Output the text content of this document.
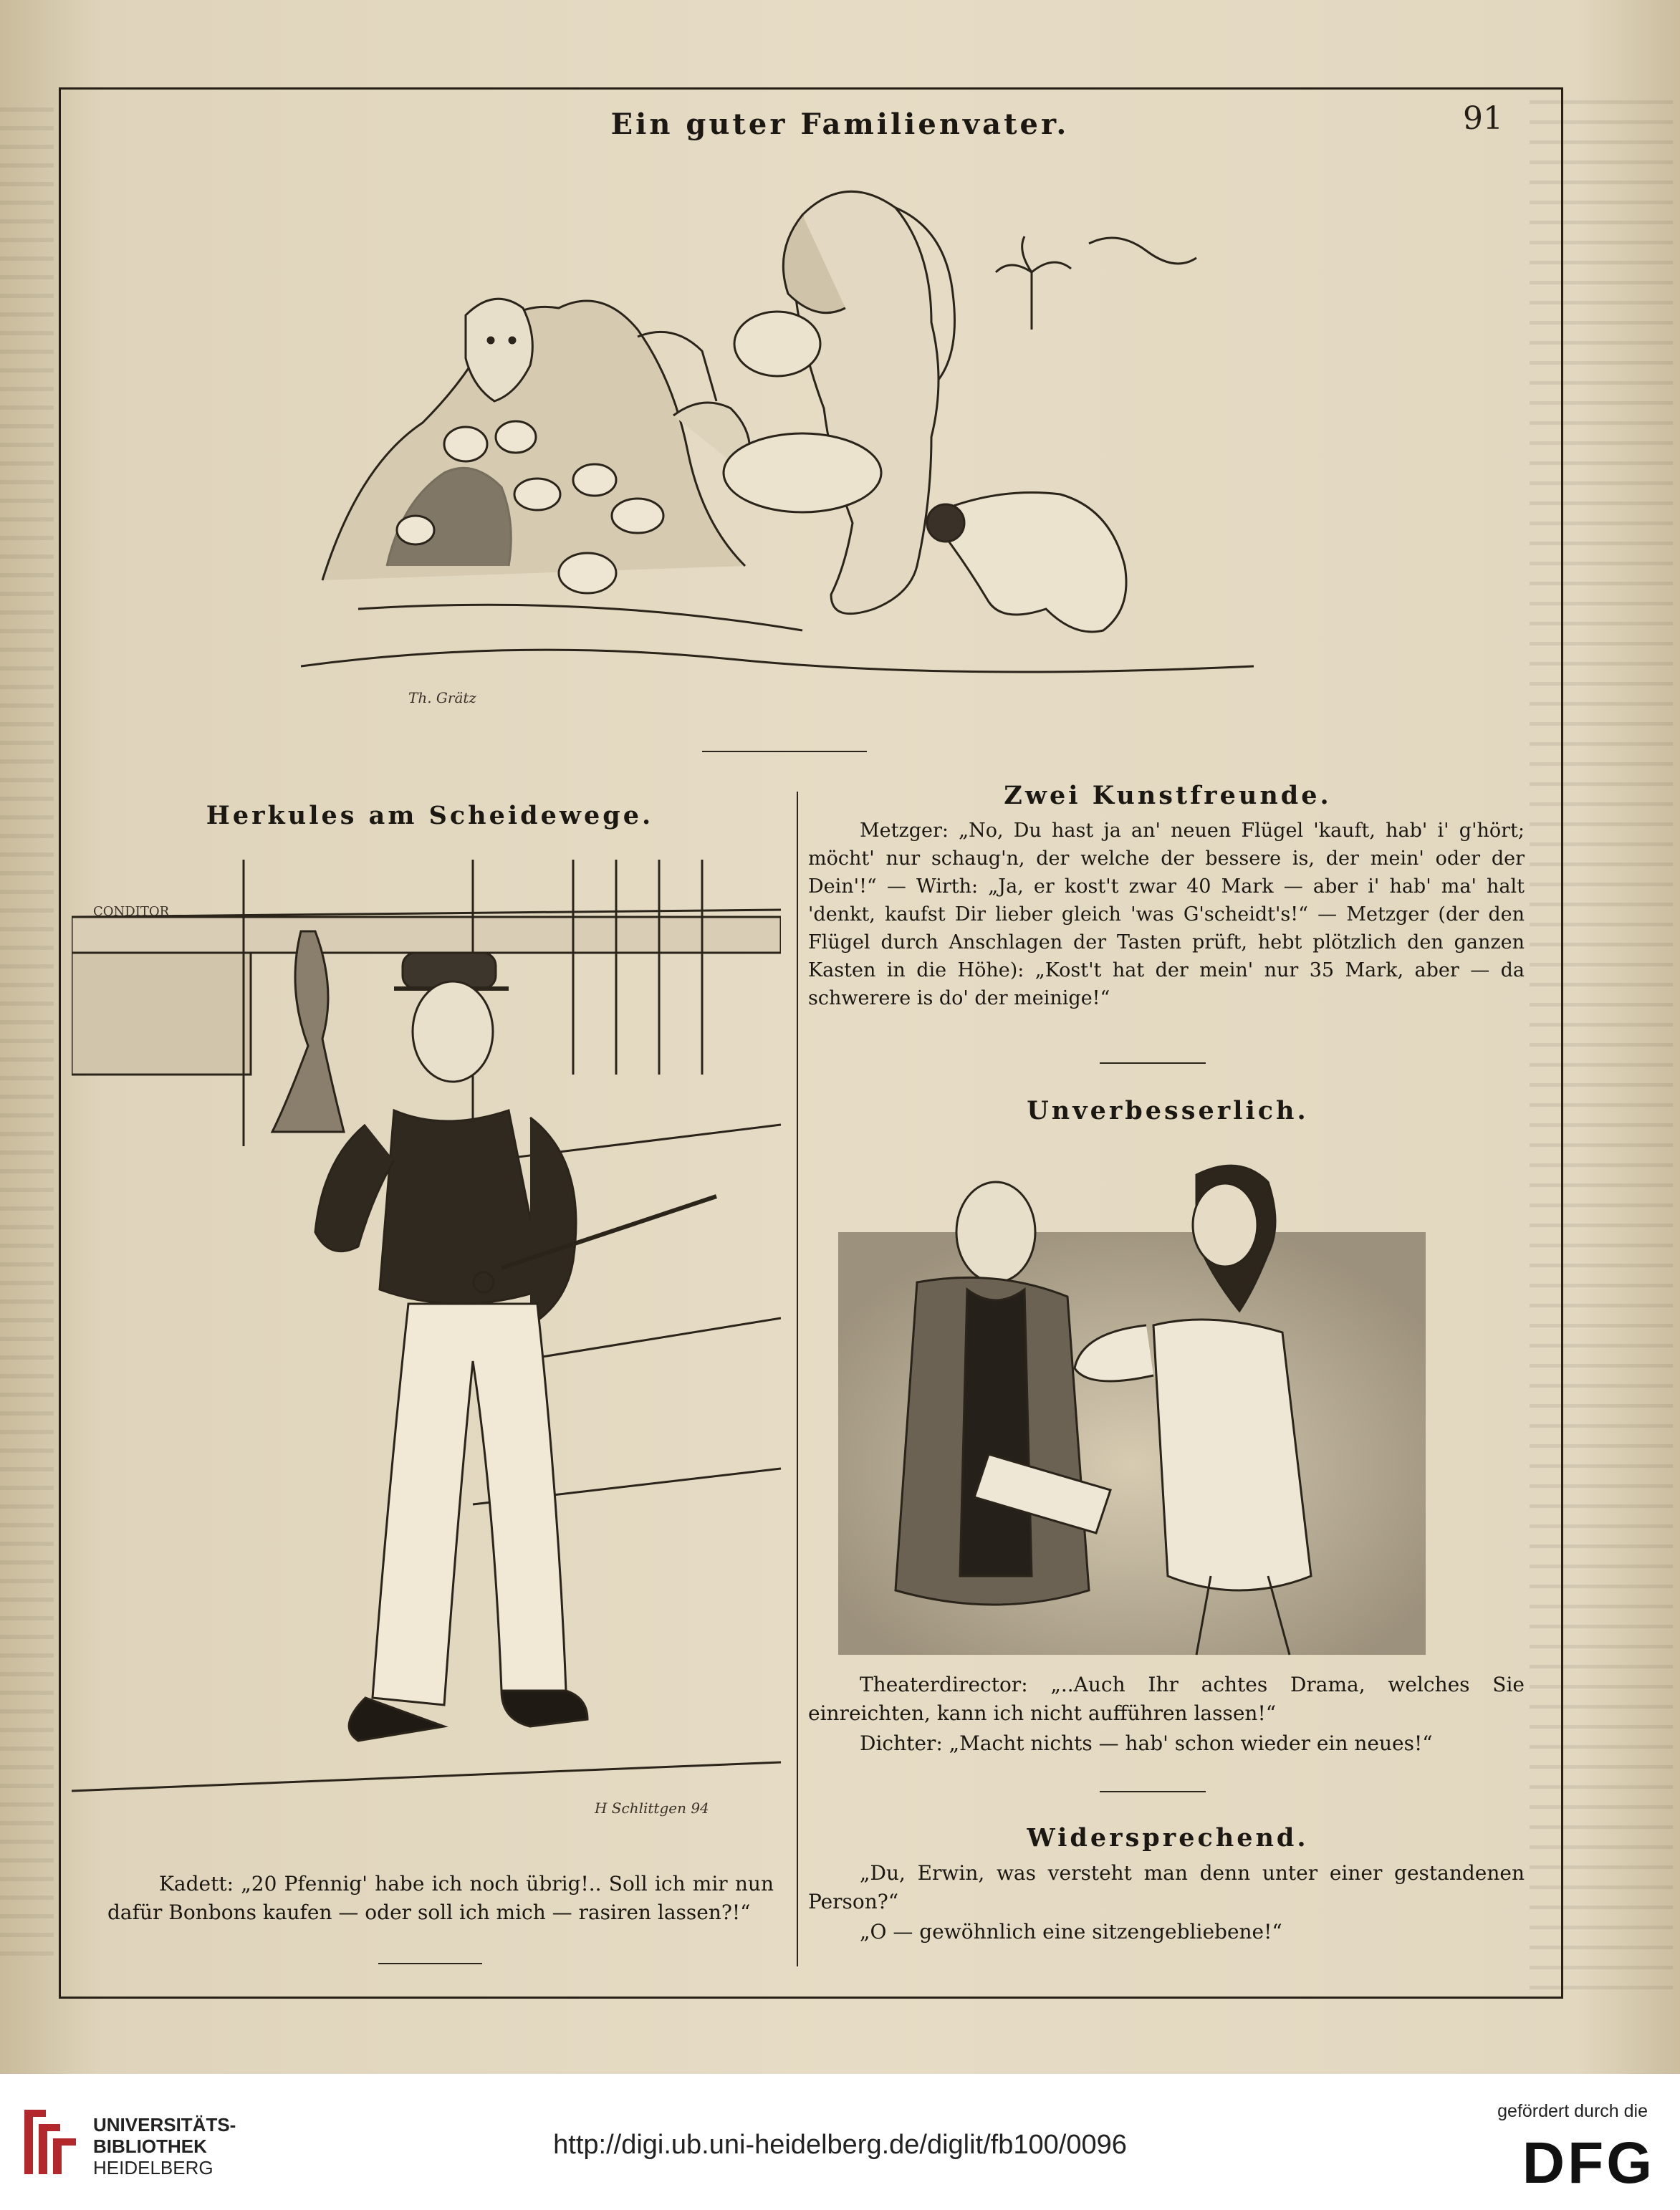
91
Ein guter Familienvater.
Th. Grätz
Herkules am Scheidewege.
CONDITOR
H Schlittgen 94
Kadett: „20 Pfennig' habe ich noch übrig!.. Soll ich mir nun dafür Bonbons kaufen — oder soll ich mich — rasiren lassen?!“
Zwei Kunstfreunde.
Metzger: „No, Du hast ja an' neuen Flügel 'kauft, hab' i' g'hört; möcht' nur schaug'n, der welche der bessere is, der mein' oder der Dein'!“ — Wirth: „Ja, er kost't zwar 40 Mark — aber i' hab' ma' halt 'denkt, kaufst Dir lieber gleich 'was G'scheidt's!“ — Metzger (der den Flügel durch Anschlagen der Tasten prüft, hebt plötzlich den ganzen Kasten in die Höhe): „Kost't hat der mein' nur 35 Mark, aber — da schwerere is do' der meinige!“
Unverbesserlich.
Theaterdirector: „..Auch Ihr achtes Drama, welches Sie einreichten, kann ich nicht aufführen lassen!“
Dichter: „Macht nichts — hab' schon wieder ein neues!“
Widersprechend.
„Du, Erwin, was versteht man denn unter einer gestandenen Person?“
„O — gewöhnlich eine sitzengebliebene!“
UNIVERSITÄTS-
BIBLIOTHEK
HEIDELBERG
http://digi.ub.uni-heidelberg.de/diglit/fb100/0096
gefördert durch die
DFG
